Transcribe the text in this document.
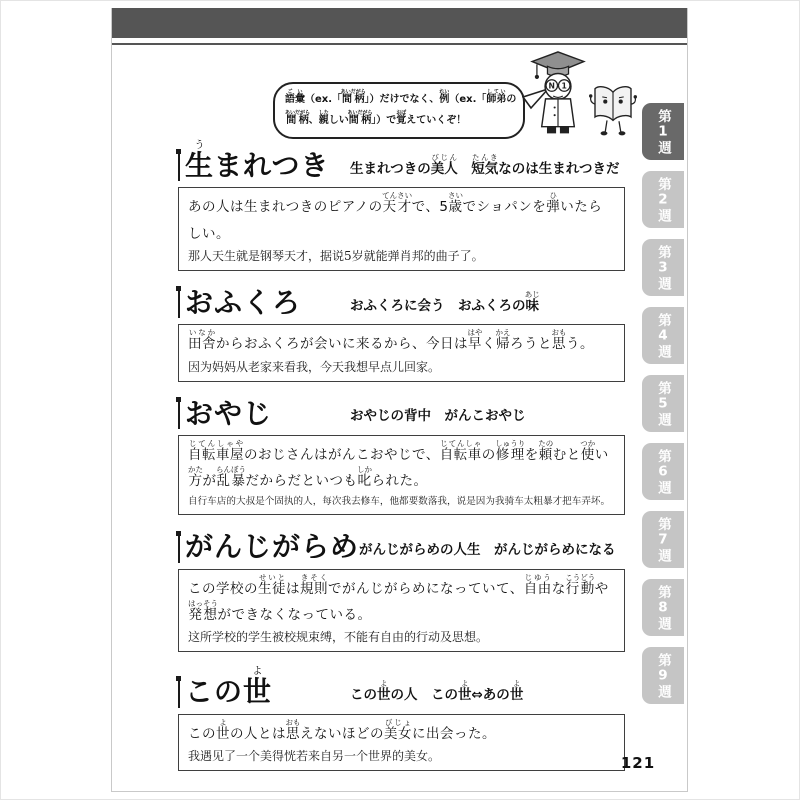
語彙ごい（ex.「間柄あいだがら」）だけでなく、例れい（ex.「師弟していの
間柄あいだがら、親したしい間柄あいだがら」）で覚おぼえていくぞ！
N 1
生うまれつき	生まれつきの美人びじん　短気たんきなのは生まれつきだ

あの人は生まれつきのピアノの天才てんさいで、5歳さいでショパンを弾ひいたらしい。

那人天生就是钢琴天才，据说5岁就能弹肖邦的曲子了。

おふくろ	おふくろに会う　おふくろの味あじ

田舎いなかからおふくろが会いに来るから、今日は早はやく帰かえろうと思おもう。

因为妈妈从老家来看我，今天我想早点儿回家。

おやじ	おやじの背中　がんこおやじ

自転車屋じてんしゃやのおじさんはがんこおやじで、自転車じてんしゃの修理しゅうりを頼たのむと使つかい方かたが乱暴らんぼうだからだといつも叱しかられた。

自行车店的大叔是个固执的人，每次我去修车，他都要数落我，说是因为我骑车太粗暴才把车弄坏。

がんじがらめ がんじがらめの人生　がんじがらめになる

この学校の生徒せいとは規則きそくでがんじがらめになっていて、自由じゆうな行動こうどうや発想はっそうができなくなっている。

这所学校的学生被校规束缚，不能有自由的行动及思想。

この世よ
この世よの人　この世よ⇔あの世よ

この世よの人とは思おもえないほどの美女びじょに出会った。

我遇见了一个美得恍若来自另一个世界的美女。

第1週
第2週
第3週
第4週
第5週
第6週
第7週
第8週
第9週
121
